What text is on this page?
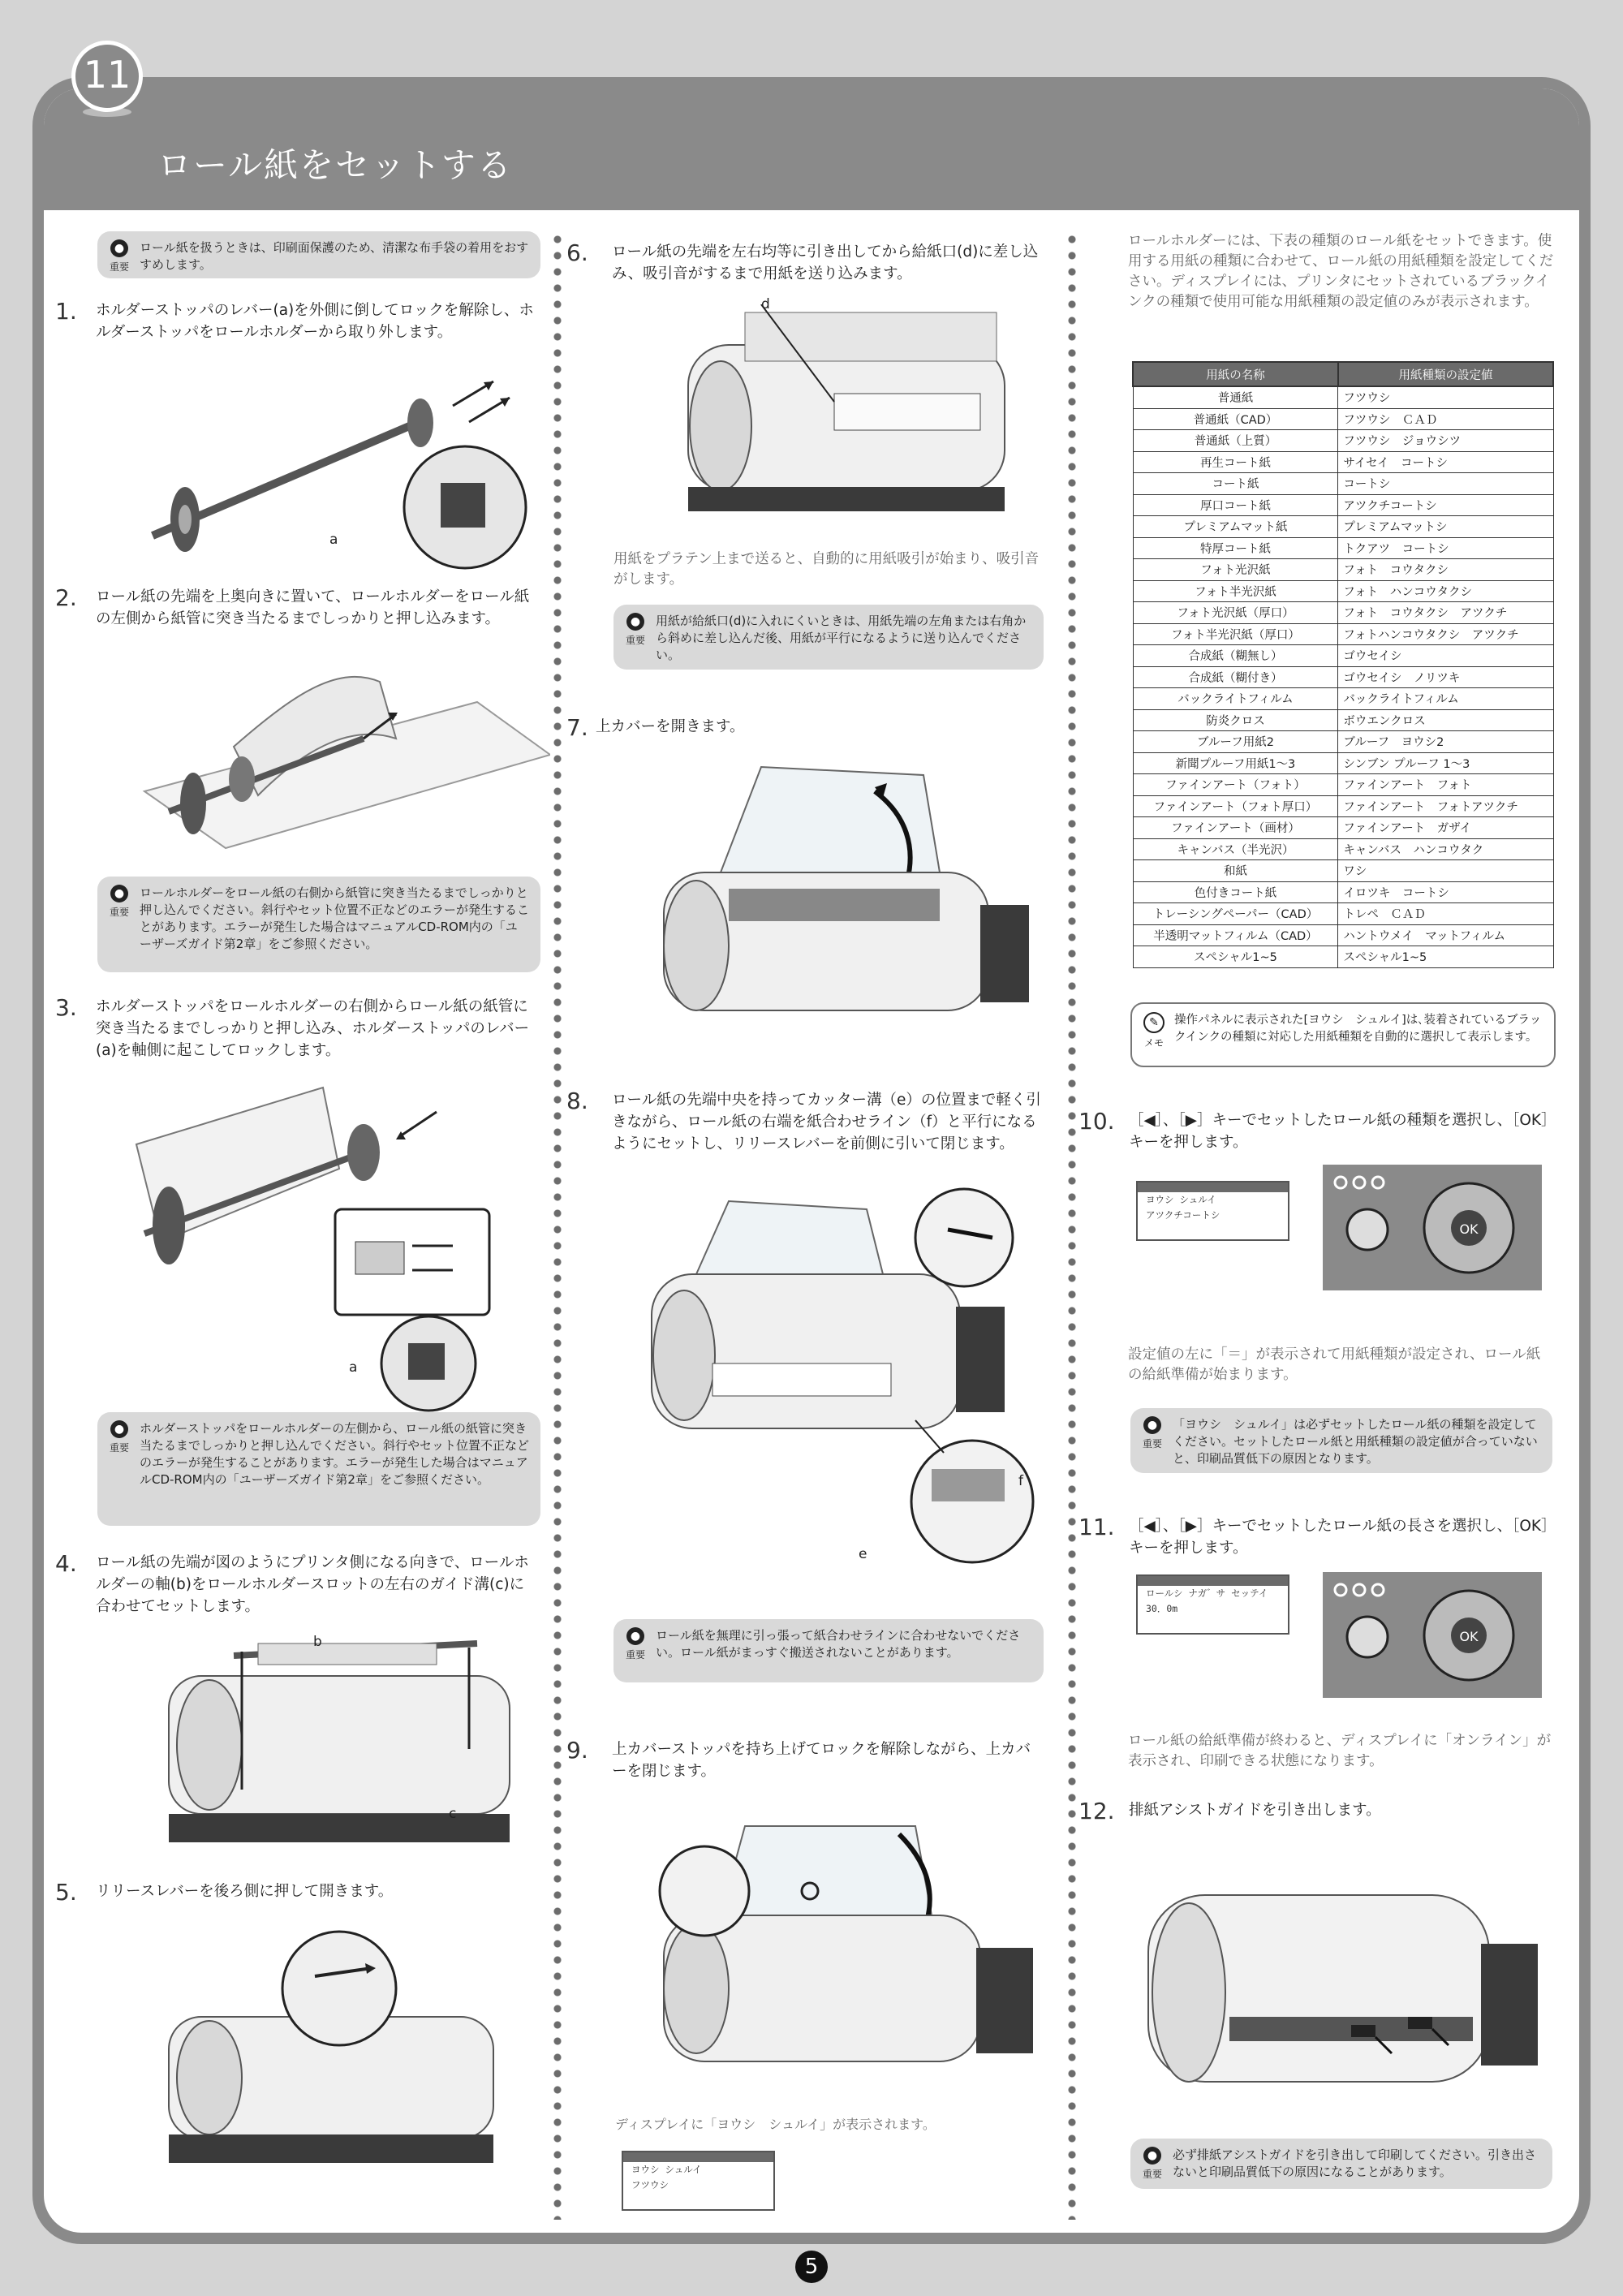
ロール紙をセットする
11
●
重要
ロール紙を扱うときは、印刷面保護のため、清潔な布手袋の着用をおすすめします。
1. ホルダーストッパのレバー(a)を外側に倒してロックを解除し、ホルダーストッパをロールホルダーから取り外します。
a
2. ロール紙の先端を上奥向きに置いて、ロールホルダーをロール紙の左側から紙管に突き当たるまでしっかりと押し込みます。
●
重要
ロールホルダーをロール紙の右側から紙管に突き当たるまでしっかりと押し込んでください。斜行やセット位置不正などのエラーが発生することがあります。エラーが発生した場合はマニュアルCD-ROM内の「ユーザーズガイド第2章」をご参照ください。
3. ホルダーストッパをロールホルダーの右側からロール紙の紙管に突き当たるまでしっかりと押し込み、ホルダーストッパのレバー(a)を軸側に起こしてロックします。
a
●
重要
ホルダーストッパをロールホルダーの左側から、ロール紙の紙管に突き当たるまでしっかりと押し込んでください。斜行やセット位置不正などのエラーが発生することがあります。エラーが発生した場合はマニュアルCD-ROM内の「ユーザーズガイド第2章」をご参照ください。
4. ロール紙の先端が図のようにプリンタ側になる向きで、ロールホルダーの軸(b)をロールホルダースロットの左右のガイド溝(c)に合わせてセットします。
b
c
5. リリースレバーを後ろ側に押して開きます。
6. ロール紙の先端を左右均等に引き出してから給紙口(d)に差し込み、吸引音がするまで用紙を送り込みます。
d
用紙をプラテン上まで送ると、自動的に用紙吸引が始まり、吸引音がします。
●
重要
用紙が給紙口(d)に入れにくいときは、用紙先端の左角または右角から斜めに差し込んだ後、用紙が平行になるように送り込んでください。
7. 上カバーを開きます。
8. ロール紙の先端中央を持ってカッター溝（e）の位置まで軽く引きながら、ロール紙の右端を紙合わせライン（f）と平行になるようにセットし、リリースレバーを前側に引いて閉じます。
f
e
●
重要
ロール紙を無理に引っ張って紙合わせラインに合わせないでください。ロール紙がまっすぐ搬送されないことがあります。
9. 上カバーストッパを持ち上げてロックを解除しながら、上カバーを閉じます。
ディスプレイに「ヨウシ　シュルイ」が表示されます。
ヨウシ シュルイ
フツウシ
ロールホルダーには、下表の種類のロール紙をセットできます。使用する用紙の種類に合わせて、ロール紙の用紙種類を設定してください。ディスプレイには、プリンタにセットされているブラックインクの種類で使用可能な用紙種類の設定値のみが表示されます。
用紙の名称	用紙種類の設定値
普通紙	フツウシ
普通紙（CAD）	フツウシ　ＣＡＤ
普通紙（上質）	フツウシ　ジョウシツ
再生コート紙	サイセイ　コートシ
コート紙	コートシ
厚口コート紙	アツクチコートシ
プレミアムマット紙	プレミアムマットシ
特厚コート紙	トクアツ　コートシ
フォト光沢紙	フォト　コウタクシ
フォト半光沢紙	フォト　ハンコウタクシ
フォト光沢紙（厚口）	フォト　コウタクシ　アツクチ
フォト半光沢紙（厚口）	フォトハンコウタクシ　アツクチ
合成紙（糊無し）	ゴウセイシ
合成紙（糊付き）	ゴウセイシ　ノリツキ
バックライトフィルム	バックライトフィルム
防炎クロス	ボウエンクロス
ブルーフ用紙2	ブルーフ　ヨウシ2
新聞プルーフ用紙1～3	シンブン プルーフ 1～3
ファインアート（フォト）	ファインアート　フォト
ファインアート（フォト厚口）	ファインアート　フォトアツクチ
ファインアート（画材）	ファインアート　ガザイ
キャンバス（半光沢）	キャンバス　ハンコウタク
和紙	ワシ
色付きコート紙	イロツキ　コートシ
トレーシングペーパー（CAD）	トレペ　ＣＡＤ
半透明マットフィルム（CAD）	ハントウメイ　マットフィルム
スペシャル1~5	スペシャル1~5
✎
メモ
操作パネルに表示された[ヨウシ　シュルイ]は､装着されているブラックインクの種類に対応した用紙種類を自動的に選択して表示します。
10. ［◀］、［▶］キーでセットしたロール紙の種類を選択し、［OK］キーを押します。
ヨウシ シュルイ
アツクチコートシ
OK
設定値の左に「＝」が表示されて用紙種類が設定され、ロール紙の給紙準備が始まります。
●
重要
「ヨウシ　シュルイ」は必ずセットしたロール紙の種類を設定してください。セットしたロール紙と用紙種類の設定値が合っていないと、印刷品質低下の原因となります。
11. ［◀］、［▶］キーでセットしたロール紙の長さを選択し、［OK］キーを押します。
ロールシ ナガ゛サ セッテイ
30．0m
OK
ロール紙の給紙準備が終わると、ディスプレイに「オンライン」が表示され、印刷できる状態になります。
12. 排紙アシストガイドを引き出します。
●
重要
必ず排紙アシストガイドを引き出して印刷してください。引き出さないと印刷品質低下の原因になることがあります。
5
